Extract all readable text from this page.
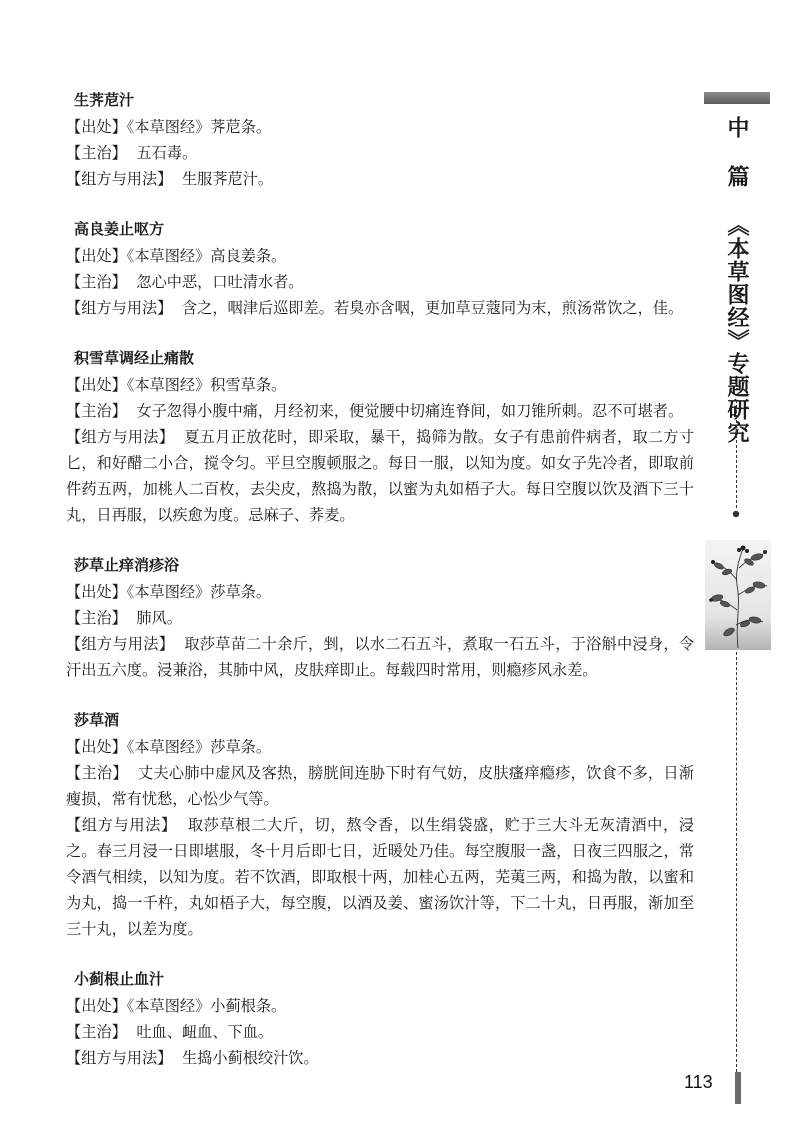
生荠苨汁

【出处】《本草图经》荠苨条。

【主治】 五石毒。

【组方与用法】 生服荠苨汁。

高良姜止呕方

【出处】《本草图经》高良姜条。

【主治】 忽心中恶，口吐清水者。

【组方与用法】 含之，咽津后巡即差。若臭亦含咽，更加草豆蔻同为末，煎汤常饮之，佳。

积雪草调经止痛散

【出处】《本草图经》积雪草条。

【主治】 女子忽得小腹中痛，月经初来，便觉腰中切痛连脊间，如刀锥所刺。忍不可堪者。

【组方与用法】 夏五月正放花时，即采取，暴干，捣筛为散。女子有患前件病者，取二方寸匕，和好醋二小合，搅令匀。平旦空腹顿服之。每日一服，以知为度。如女子先冷者，即取前件药五两，加桃人二百枚，去尖皮，熬捣为散，以蜜为丸如梧子大。每日空腹以饮及酒下三十丸，日再服，以疾愈为度。忌麻子、荞麦。

莎草止痒消疹浴

【出处】《本草图经》莎草条。

【主治】 肺风。

【组方与用法】 取莎草苗二十余斤，剉，以水二石五斗，煮取一石五斗，于浴斛中浸身，令汗出五六度。浸兼浴，其肺中风，皮肤痒即止。每载四时常用，则瘾疹风永差。

莎草酒

【出处】《本草图经》莎草条。

【主治】 丈夫心肺中虚风及客热，膀胱间连胁下时有气妨，皮肤瘙痒瘾疹，饮食不多，日渐瘦损，常有忧愁，心忪少气等。

【组方与用法】 取莎草根二大斤，切，熬令香，以生绢袋盛，贮于三大斗无灰清酒中，浸之。春三月浸一日即堪服，冬十月后即七日，近暖处乃佳。每空腹服一盏，日夜三四服之，常令酒气相续，以知为度。若不饮酒，即取根十两，加桂心五两，芜荑三两，和捣为散，以蜜和为丸，捣一千杵，丸如梧子大，每空腹，以酒及姜、蜜汤饮汁等，下二十丸，日再服，渐加至三十丸，以差为度。

小蓟根止血汁

【出处】《本草图经》小蓟根条。

【主治】 吐血、衄血、下血。

【组方与用法】 生捣小蓟根绞汁饮。

中 篇 《本草图经》专题研究
113
